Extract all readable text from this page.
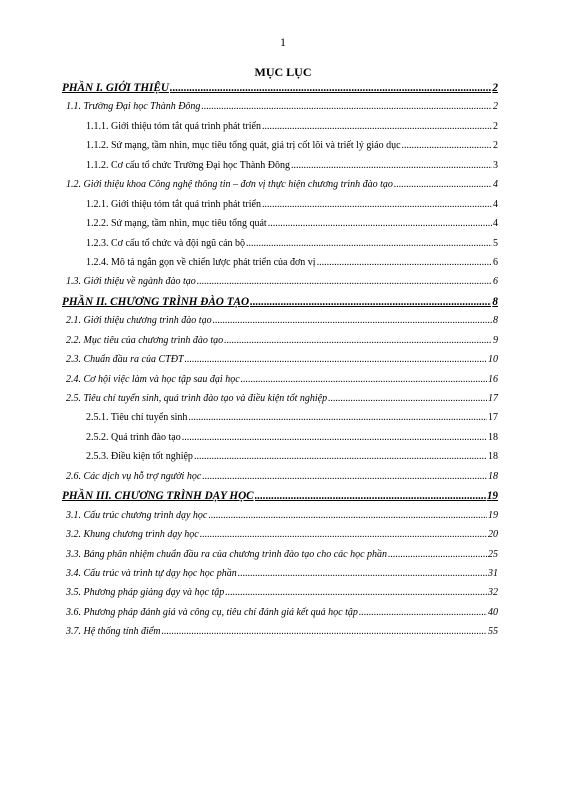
1
MỤC LỤC
PHẦN I. GIỚI THIỆU .....	2
1.1. Trường Đại học Thành Đông .....	2
1.1.1. Giới thiệu tóm tắt quá trình phát triển .....	2
1.1.2. Sứ mạng, tầm nhìn, mục tiêu tổng quát, giá trị cốt lõi và triết lý giáo dục .....	2
1.1.2. Cơ cấu tổ chức Trường Đại học Thành Đông .....	3
1.2. Giới thiệu khoa Công nghệ thông tin – đơn vị thực hiện chương trình đào tạo .....	4
1.2.1. Giới thiệu tóm tắt quá trình phát triển .....	4
1.2.2. Sứ mạng, tầm nhìn, mục tiêu tổng quát .....	4
1.2.3. Cơ cấu tổ chức và đội ngũ cán bộ .....	5
1.2.4. Mô tả ngắn gọn về chiến lược phát triển của đơn vị .....	6
1.3. Giới thiệu về ngành đào tạo .....	6
PHẦN II. CHƯƠNG TRÌNH ĐÀO TẠO .....	8
2.1. Giới thiệu chương trình đào tạo .....	8
2.2. Mục tiêu của chương trình đào tạo .....	9
2.3. Chuẩn đầu ra của CTĐT .....	10
2.4. Cơ hội việc làm và học tập sau đại học .....	16
2.5. Tiêu chí tuyển sinh, quá trình đào tạo và điều kiện tốt nghiệp .....	17
2.5.1. Tiêu chí tuyển sinh .....	17
2.5.2. Quá trình đào tạo .....	18
2.5.3. Điều kiện tốt nghiệp .....	18
2.6. Các dịch vụ hỗ trợ người học .....	18
PHẦN III. CHƯƠNG TRÌNH DẠY HỌC .....	19
3.1. Cấu trúc chương trình dạy học .....	19
3.2. Khung chương trình dạy học .....	20
3.3. Bảng phân nhiệm chuẩn đầu ra của chương trình đào tạo cho các học phần .....	25
3.4. Cấu trúc và trình tự dạy học học phần .....	31
3.5. Phương pháp giảng dạy và học tập .....	32
3.6. Phương pháp đánh giá và công cụ, tiêu chí đánh giá kết quả học tập .....	40
3.7. Hệ thống tính điểm .....	55
